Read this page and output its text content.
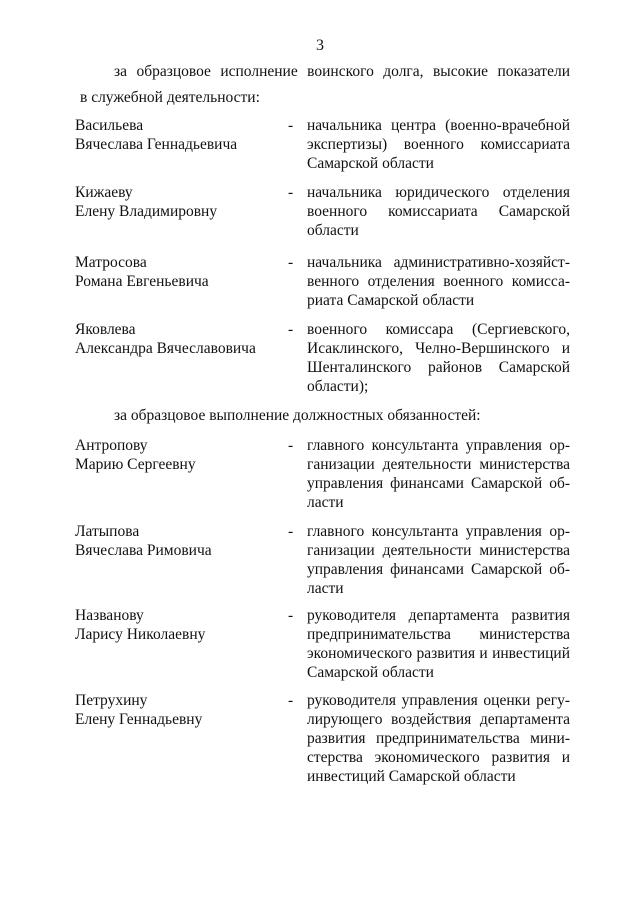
3
за образцовое исполнение воинского долга, высокие показатели
в служебной деятельности:
Васильева
Вячеслава Геннадьевича
- начальника центра (военно-врачебной
экспертизы) военного комиссариата
Самарской области
Кижаеву
Елену Владимировну
- начальника юридического отделения
военного комиссариата Самарской
области
Матросова
Романа Евгеньевича
- начальника административно-хозяйст-
венного отделения военного комисса-
риата Самарской области
Яковлева
Александра Вячеславовича
- военного комиссара (Сергиевского,
Исаклинского, Челно-Вершинского и
Шенталинского районов Самарской
области);
за образцовое выполнение должностных обязанностей:
Антропову
Марию Сергеевну
- главного консультанта управления ор-
ганизации деятельности министерства
управления финансами Самарской об-
ласти
Латыпова
Вячеслава Римовича
- главного консультанта управления ор-
ганизации деятельности министерства
управления финансами Самарской об-
ласти
Названову
Ларису Николаевну
- руководителя департамента развития
предпринимательства министерства
экономического развития и инвестиций
Самарской области
Петрухину
Елену Геннадьевну
- руководителя управления оценки регу-
лирующего воздействия департамента
развития предпринимательства мини-
стерства экономического развития и
инвестиций Самарской области
